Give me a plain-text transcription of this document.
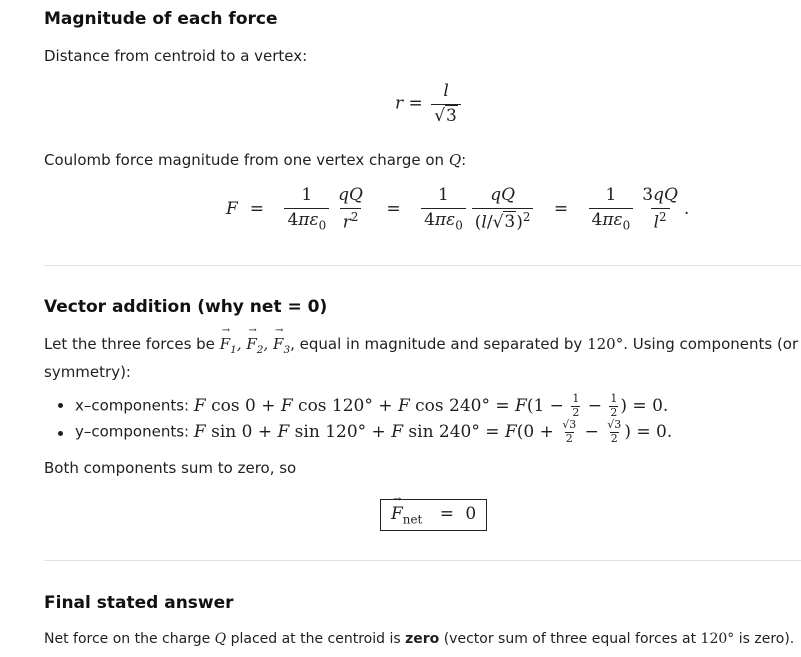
Magnitude of each force
Distance from centroid to a vertex:
$r = \frac{l}{√3}$
Coulomb force magnitude from one vertex charge on Q:
$F = \frac{1}{4\pi\varepsilon_0} \frac{qQ}{r^2} = \frac{1}{4\pi\varepsilon_0} \frac{qQ}{(l/√3)^2} = \frac{1}{4\pi\varepsilon_0} \frac{3qQ}{l^2}$ .
Vector addition (why net = 0)
Let the three forces be → $F_1$, → $F_2$, → $F_3$, equal in magnitude and separated by 120°. Using components (or
symmetry):
x–components: F cos 0 + F cos 120° + F $\cos 240^\circ = F(1 - \frac{1}{2} - \frac{1}{2}$ ) = 0.
y–components: F sin 0 + F sin 120° + F $\sin 240^\circ = F(0 + \frac{√3}{2} - \frac{√3}{2}$ ) = 0.
Both components sum to zero, so
→ $F_{net} = 0$
Final stated answer
Net force on the charge Q placed at the centroid is zero (vector sum of three equal forces at 120° is zero).
